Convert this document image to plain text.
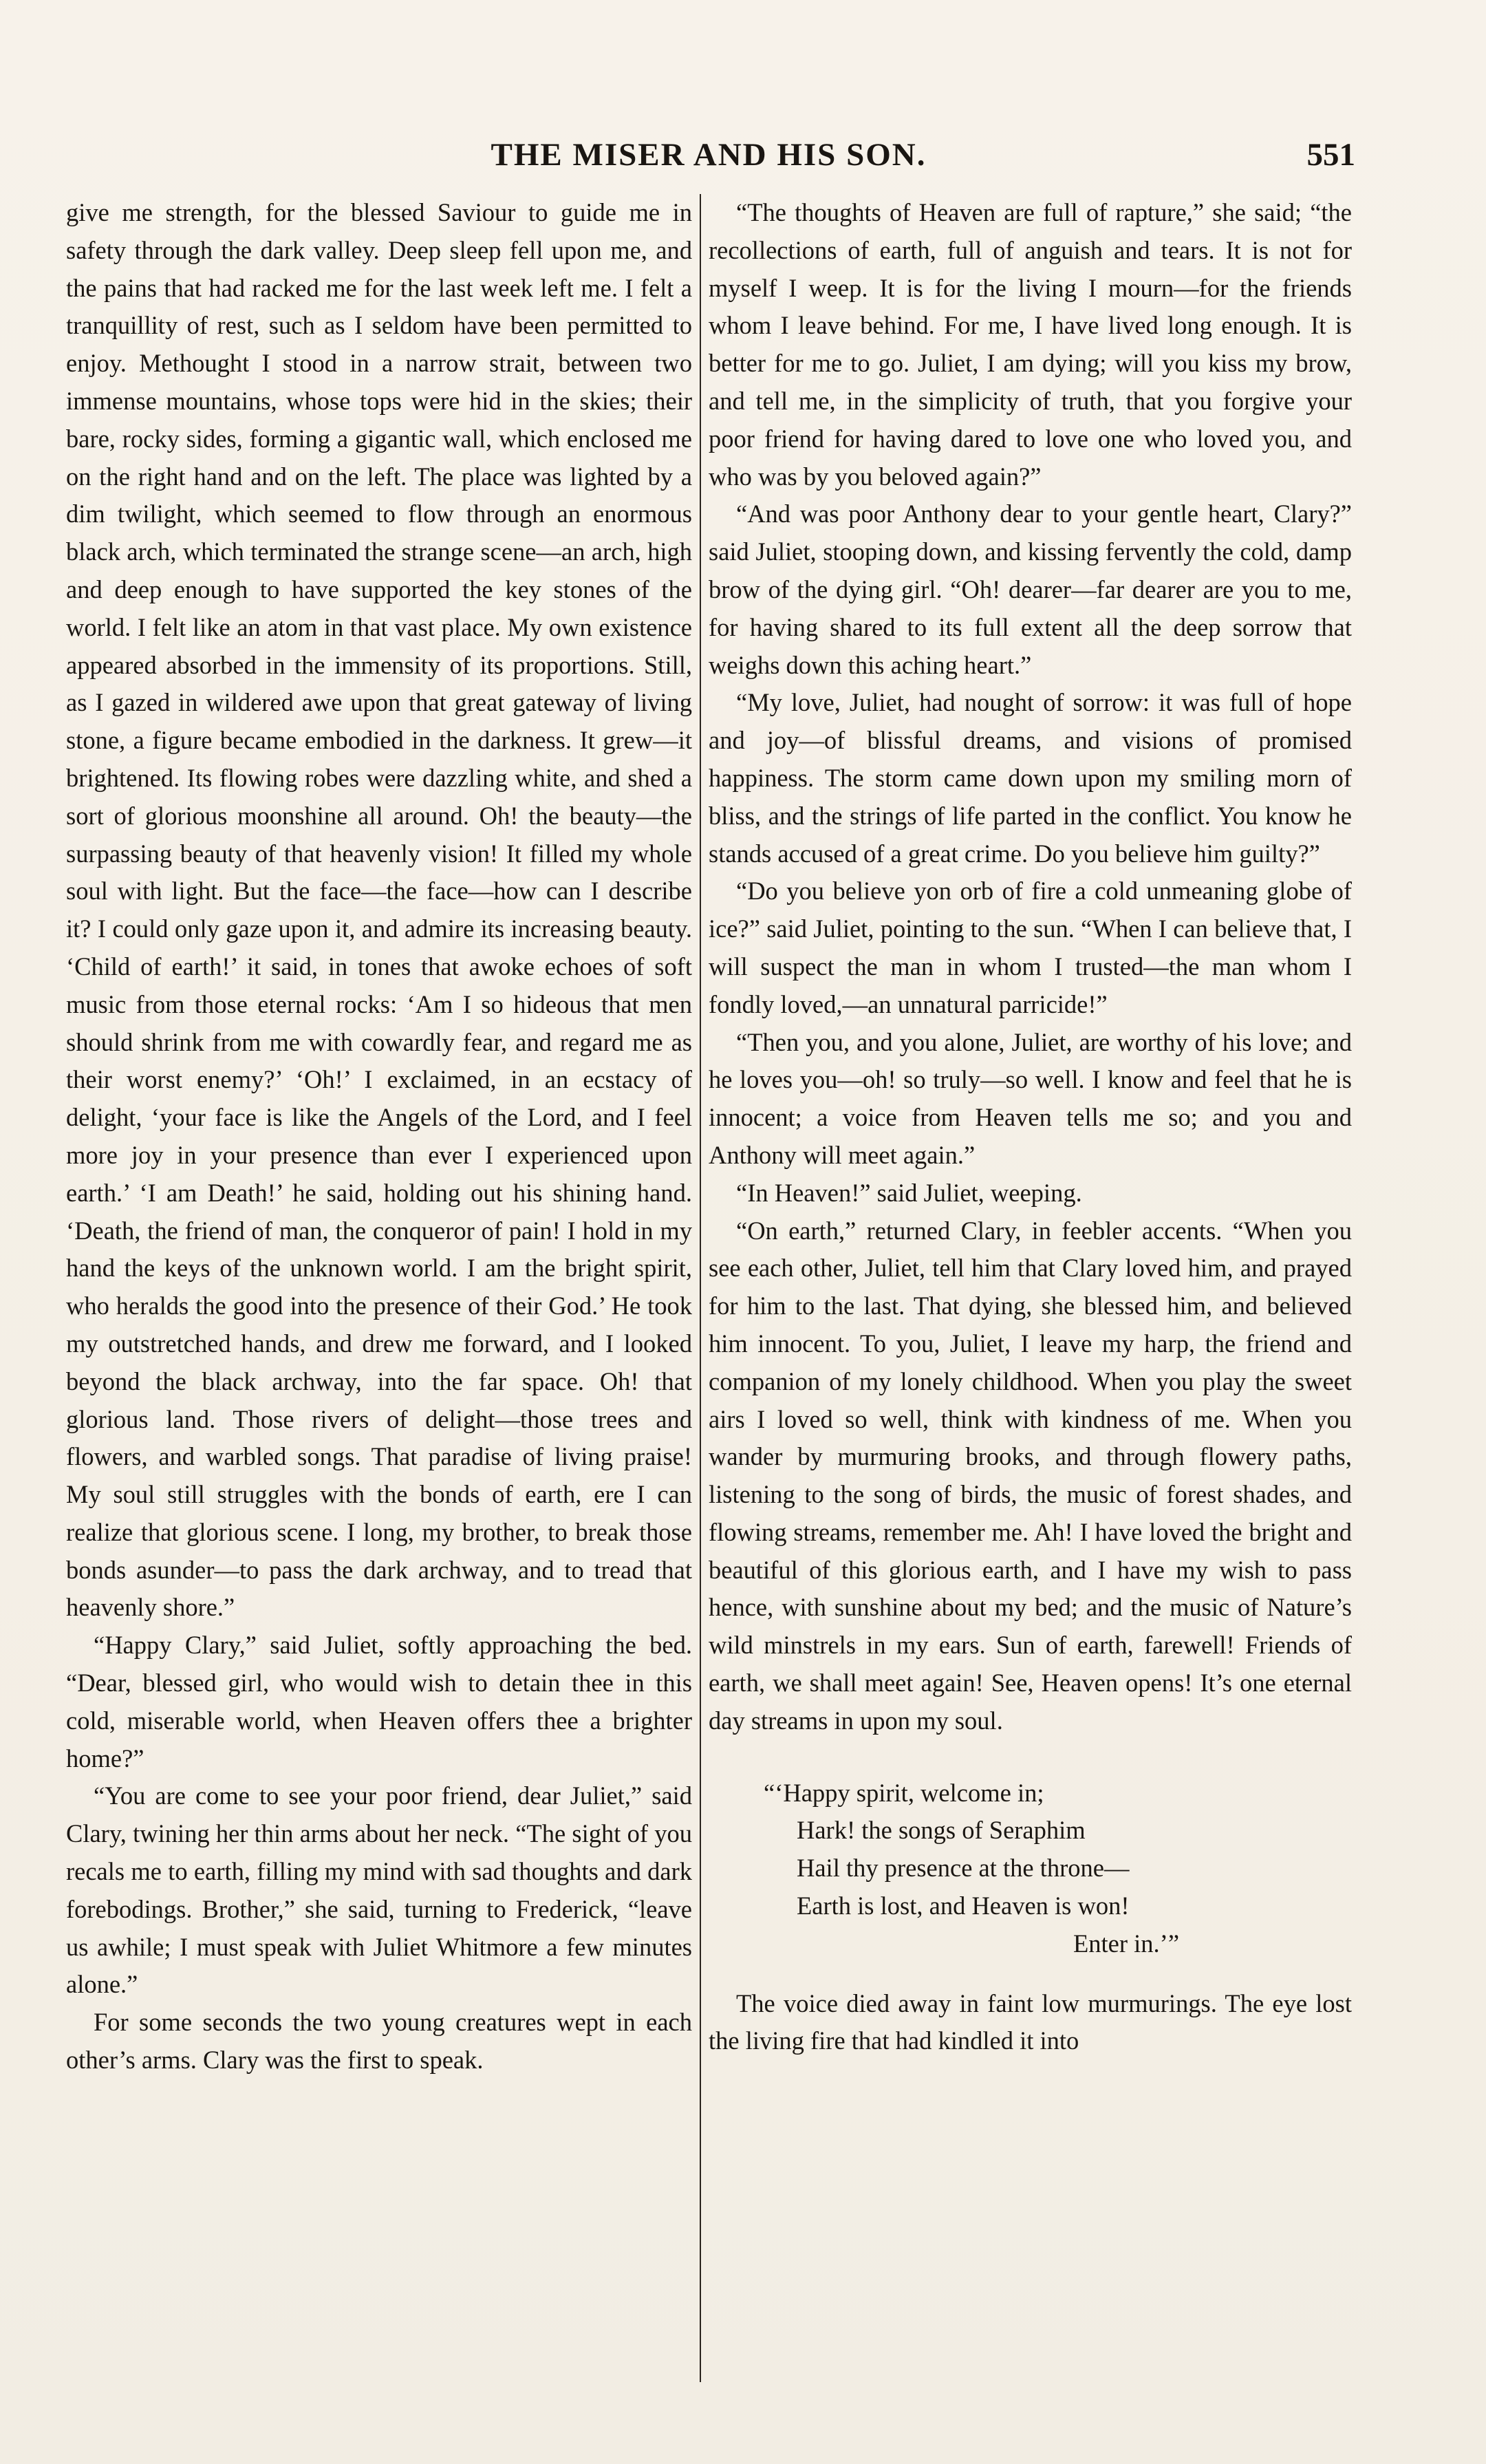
THE MISER AND HIS SON.	551

give me strength, for the blessed Saviour to guide me in safety through the dark valley. Deep sleep fell upon me, and the pains that had racked me for the last week left me. I felt a tranquillity of rest, such as I seldom have been permitted to enjoy. Methought I stood in a narrow strait, between two immense mountains, whose tops were hid in the skies; their bare, rocky sides, forming a gigantic wall, which enclosed me on the right hand and on the left. The place was lighted by a dim twilight, which seemed to flow through an enormous black arch, which terminated the strange scene—an arch, high and deep enough to have supported the key stones of the world. I felt like an atom in that vast place. My own existence appeared absorbed in the immensity of its proportions. Still, as I gazed in wildered awe upon that great gateway of living stone, a figure became embodied in the darkness. It grew—it brightened. Its flowing robes were dazzling white, and shed a sort of glorious moonshine all around. Oh! the beauty—the surpassing beauty of that heavenly vision! It filled my whole soul with light. But the face—the face—how can I describe it? I could only gaze upon it, and admire its increasing beauty. ‘Child of earth!’ it said, in tones that awoke echoes of soft music from those eternal rocks: ‘Am I so hideous that men should shrink from me with cowardly fear, and regard me as their worst enemy?’ ‘Oh!’ I exclaimed, in an ecstacy of delight, ‘your face is like the Angels of the Lord, and I feel more joy in your presence than ever I experienced upon earth.’ ‘I am Death!’ he said, holding out his shining hand. ‘Death, the friend of man, the conqueror of pain! I hold in my hand the keys of the unknown world. I am the bright spirit, who heralds the good into the presence of their God.’ He took my outstretched hands, and drew me forward, and I looked beyond the black archway, into the far space. Oh! that glorious land. Those rivers of delight—those trees and flowers, and warbled songs. That paradise of living praise! My soul still struggles with the bonds of earth, ere I can realize that glorious scene. I long, my brother, to break those bonds asunder—to pass the dark archway, and to tread that heavenly shore.”

“Happy Clary,” said Juliet, softly approaching the bed. “Dear, blessed girl, who would wish to detain thee in this cold, miserable world, when Heaven offers thee a brighter home?”

“You are come to see your poor friend, dear Juliet,” said Clary, twining her thin arms about her neck. “The sight of you recals me to earth, filling my mind with sad thoughts and dark forebodings. Brother,” she said, turning to Frederick, “leave us awhile; I must speak with Juliet Whitmore a few minutes alone.”

For some seconds the two young creatures wept in each other’s arms. Clary was the first to speak.

“The thoughts of Heaven are full of rapture,” she said; “the recollections of earth, full of anguish and tears. It is not for myself I weep. It is for the living I mourn—for the friends whom I leave behind. For me, I have lived long enough. It is better for me to go. Juliet, I am dying; will you kiss my brow, and tell me, in the simplicity of truth, that you forgive your poor friend for having dared to love one who loved you, and who was by you beloved again?”

“And was poor Anthony dear to your gentle heart, Clary?” said Juliet, stooping down, and kissing fervently the cold, damp brow of the dying girl. “Oh! dearer—far dearer are you to me, for having shared to its full extent all the deep sorrow that weighs down this aching heart.”

“My love, Juliet, had nought of sorrow: it was full of hope and joy—of blissful dreams, and visions of promised happiness. The storm came down upon my smiling morn of bliss, and the strings of life parted in the conflict. You know he stands accused of a great crime. Do you believe him guilty?”

“Do you believe yon orb of fire a cold unmeaning globe of ice?” said Juliet, pointing to the sun. “When I can believe that, I will suspect the man in whom I trusted—the man whom I fondly loved,—an unnatural parricide!”

“Then you, and you alone, Juliet, are worthy of his love; and he loves you—oh! so truly—so well. I know and feel that he is innocent; a voice from Heaven tells me so; and you and Anthony will meet again.”

“In Heaven!” said Juliet, weeping.

“On earth,” returned Clary, in feebler accents. “When you see each other, Juliet, tell him that Clary loved him, and prayed for him to the last. That dying, she blessed him, and believed him innocent. To you, Juliet, I leave my harp, the friend and companion of my lonely childhood. When you play the sweet airs I loved so well, think with kindness of me. When you wander by murmuring brooks, and through flowery paths, listening to the song of birds, the music of forest shades, and flowing streams, remember me. Ah! I have loved the bright and beautiful of this glorious earth, and I have my wish to pass hence, with sunshine about my bed; and the music of Nature’s wild minstrels in my ears. Sun of earth, farewell! Friends of earth, we shall meet again! See, Heaven opens! It’s one eternal day streams in upon my soul.

“‘Happy spirit, welcome in;
Hark! the songs of Seraphim
Hail thy presence at the throne—
Earth is lost, and Heaven is won!
Enter in.’”

The voice died away in faint low murmurings. The eye lost the living fire that had kindled it into
